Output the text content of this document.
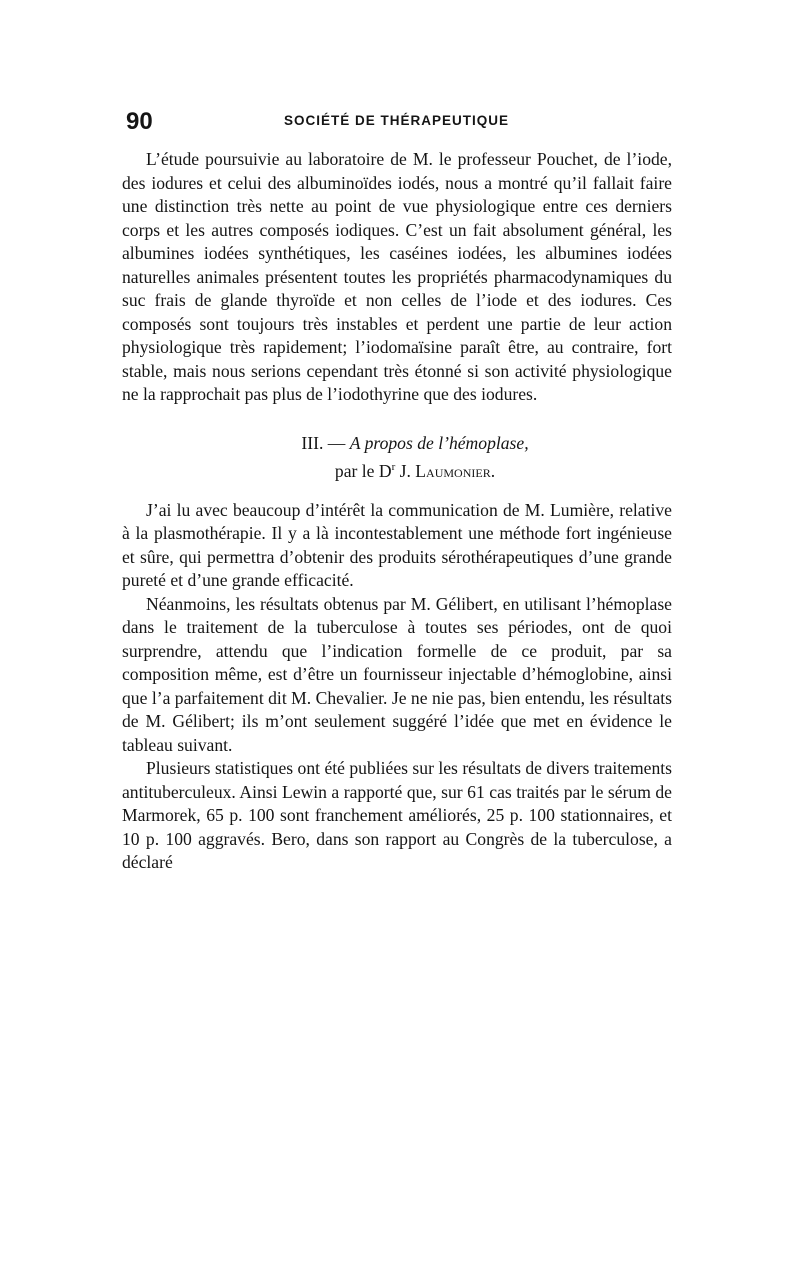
90	SOCIÉTÉ DE THÉRAPEUTIQUE

L’étude poursuivie au laboratoire de M. le professeur Pouchet, de l’iode, des iodures et celui des albuminoïdes iodés, nous a montré qu’il fallait faire une distinction très nette au point de vue physiologique entre ces derniers corps et les autres composés iodiques. C’est un fait absolument général, les albumines iodées synthétiques, les caséines iodées, les albumines iodées naturelles animales présentent toutes les propriétés pharmacodynamiques du suc frais de glande thyroïde et non celles de l’iode et des iodures. Ces composés sont toujours très instables et perdent une partie de leur action physiologique très rapidement; l’iodomaïsine paraît être, au contraire, fort stable, mais nous serions cependant très étonné si son activité physiologique ne la rapprochait pas plus de l’iodothyrine que des iodures.

III. — A propos de l’hémoplase,
par le $D^r$ J. Laumonier.

J’ai lu avec beaucoup d’intérêt la communication de M. Lumière, relative à la plasmothérapie. Il y a là incontestablement une méthode fort ingénieuse et sûre, qui permettra d’obtenir des produits sérothérapeutiques d’une grande pureté et d’une grande efficacité.

Néanmoins, les résultats obtenus par M. Gélibert, en utilisant l’hémoplase dans le traitement de la tuberculose à toutes ses périodes, ont de quoi surprendre, attendu que l’indication formelle de ce produit, par sa composition même, est d’être un fournisseur injectable d’hémoglobine, ainsi que l’a parfaitement dit M. Chevalier. Je ne nie pas, bien entendu, les résultats de M. Gélibert; ils m’ont seulement suggéré l’idée que met en évidence le tableau suivant.

Plusieurs statistiques ont été publiées sur les résultats de divers traitements antituberculeux. Ainsi Lewin a rapporté que, sur 61 cas traités par le sérum de Marmorek, 65 p. 100 sont franchement améliorés, 25 p. 100 stationnaires, et 10 p. 100 aggravés. Bero, dans son rapport au Congrès de la tuberculose, a déclaré
